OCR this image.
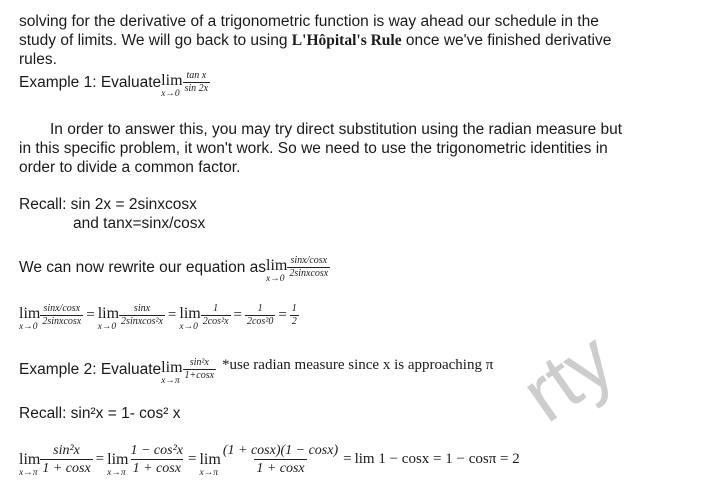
solving for the derivative of a trigonometric function is way ahead our schedule in the
study of limits. We will go back to using L'Hôpital's Rule once we've finished derivative
rules.
Example 1: Evaluate lim
$x\to 0 \frac{\text{tan x}}{\sin 2x}$
In order to answer this, you may try direct substitution using the radian measure but
in this specific problem, it won't work. So we need to use the trigonometric identities in
order to divide a common factor.
Recall: sin 2x = 2sinxcosx
and tanx=sinx/cosx
We can now rewrite our equation as lim
$x\to 0 \frac{\sin x/\cos x}{\text{2sinxcosx}}$
lim
$x\to 0 \frac{\sin x/\cos x}{\text{2sinxcosx}} = \lim$
$x\to 0 \frac{\sin x}{\text{2sinxcos²x}} = \lim$
$x\to 0 \frac{1}{\text{2cos²x}} = \frac{1}{\text{2cos²0}} = \frac{1}{2}$
Example 2: Evaluate lim
$x\to\pi \frac{\text{sin²x}}{1+\cos x} *use$ radian measure since x is approaching π
Recall: sin²x = 1- cos² x
lim
$x\to\pi \frac{\text{sin²x}}{1 + \cos x} = \lim$
$x\to\pi \frac{\text{1 − cos²x}}{1 + \cos x} = \lim$
$x\to\pi \frac{(1 + \cos x)(1 - \cos x)}{1 + \cos x} = \lim 1 - \cos x = 1 - \cos\pi = 2$
rty
